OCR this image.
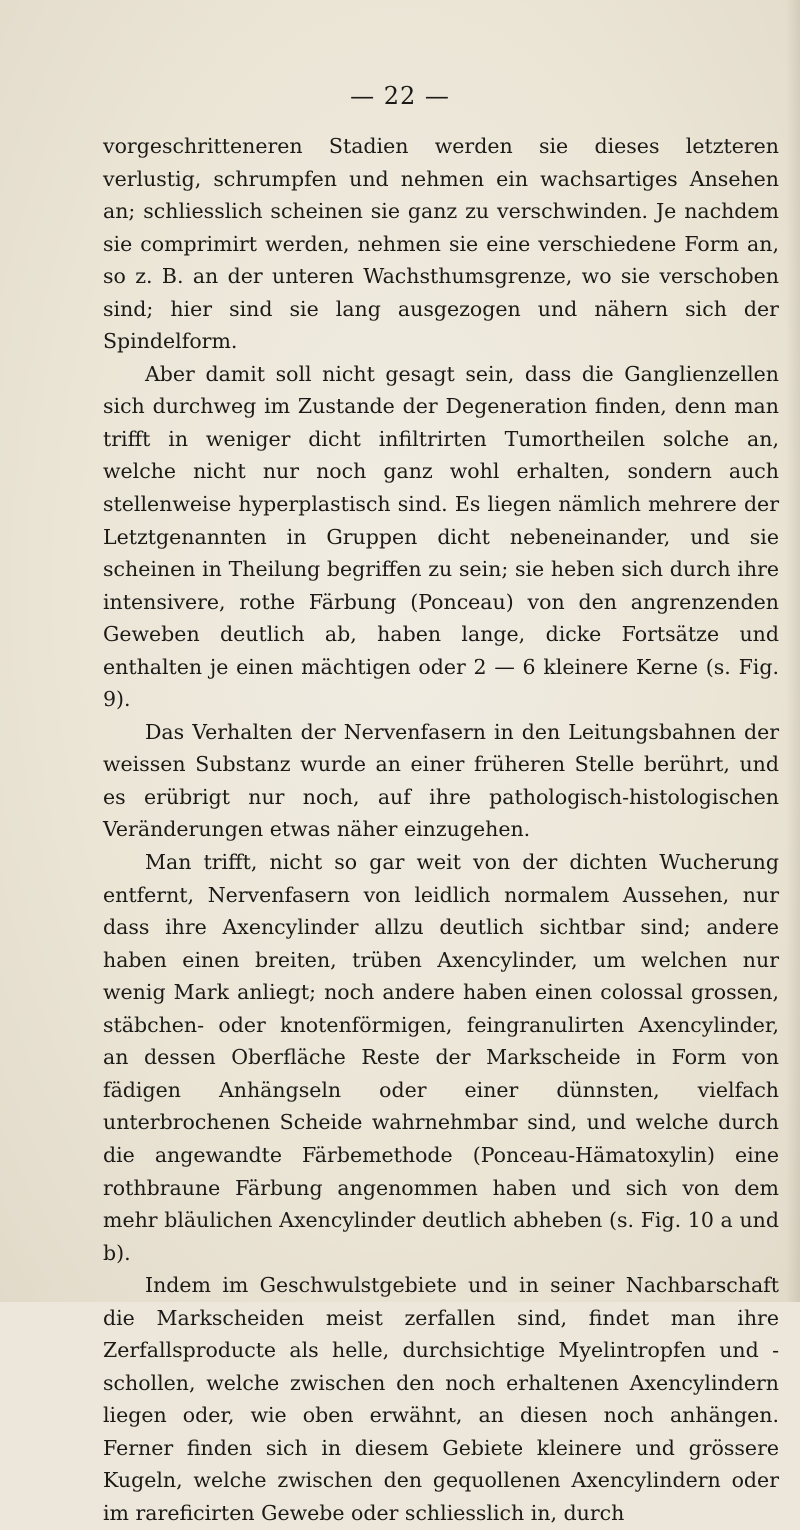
— 22 —

vorgeschritteneren Stadien werden sie dieses letzteren verlustig, schrumpfen und nehmen ein wachsartiges Ansehen an; schliesslich scheinen sie ganz zu verschwinden. Je nachdem sie comprimirt werden, nehmen sie eine verschiedene Form an, so z. B. an der unteren Wachsthumsgrenze, wo sie verschoben sind; hier sind sie lang ausgezogen und nähern sich der Spindelform.

Aber damit soll nicht gesagt sein, dass die Ganglienzellen sich durchweg im Zustande der Degeneration finden, denn man trifft in weniger dicht infiltrirten Tumortheilen solche an, welche nicht nur noch ganz wohl erhalten, sondern auch stellenweise hyperplastisch sind. Es liegen nämlich mehrere der Letztgenannten in Gruppen dicht nebeneinander, und sie scheinen in Theilung begriffen zu sein; sie heben sich durch ihre intensivere, rothe Färbung (Ponceau) von den angrenzenden Geweben deutlich ab, haben lange, dicke Fortsätze und enthalten je einen mächtigen oder 2 — 6 kleinere Kerne (s. Fig. 9).

Das Verhalten der Nervenfasern in den Leitungsbahnen der weissen Substanz wurde an einer früheren Stelle berührt, und es erübrigt nur noch, auf ihre pathologisch-histologischen Veränderungen etwas näher einzugehen.

Man trifft, nicht so gar weit von der dichten Wucherung entfernt, Nervenfasern von leidlich normalem Aussehen, nur dass ihre Axencylinder allzu deutlich sichtbar sind; andere haben einen breiten, trüben Axencylinder, um welchen nur wenig Mark anliegt; noch andere haben einen colossal grossen, stäbchen- oder knotenförmigen, feingranulirten Axencylinder, an dessen Oberfläche Reste der Markscheide in Form von fädigen Anhängseln oder einer dünnsten, vielfach unterbrochenen Scheide wahrnehmbar sind, und welche durch die angewandte Färbemethode (Ponceau-Hämatoxylin) eine rothbraune Färbung angenommen haben und sich von dem mehr bläulichen Axencylinder deutlich abheben (s. Fig. 10 a und b).

Indem im Geschwulstgebiete und in seiner Nachbarschaft die Markscheiden meist zerfallen sind, findet man ihre Zerfallsproducte als helle, durchsichtige Myelintropfen und -schollen, welche zwischen den noch erhaltenen Axencylindern liegen oder, wie oben erwähnt, an diesen noch anhängen. Ferner finden sich in diesem Gebiete kleinere und grössere Kugeln, welche zwischen den gequollenen Axencylindern oder im rareficirten Gewebe oder schliesslich in, durch
